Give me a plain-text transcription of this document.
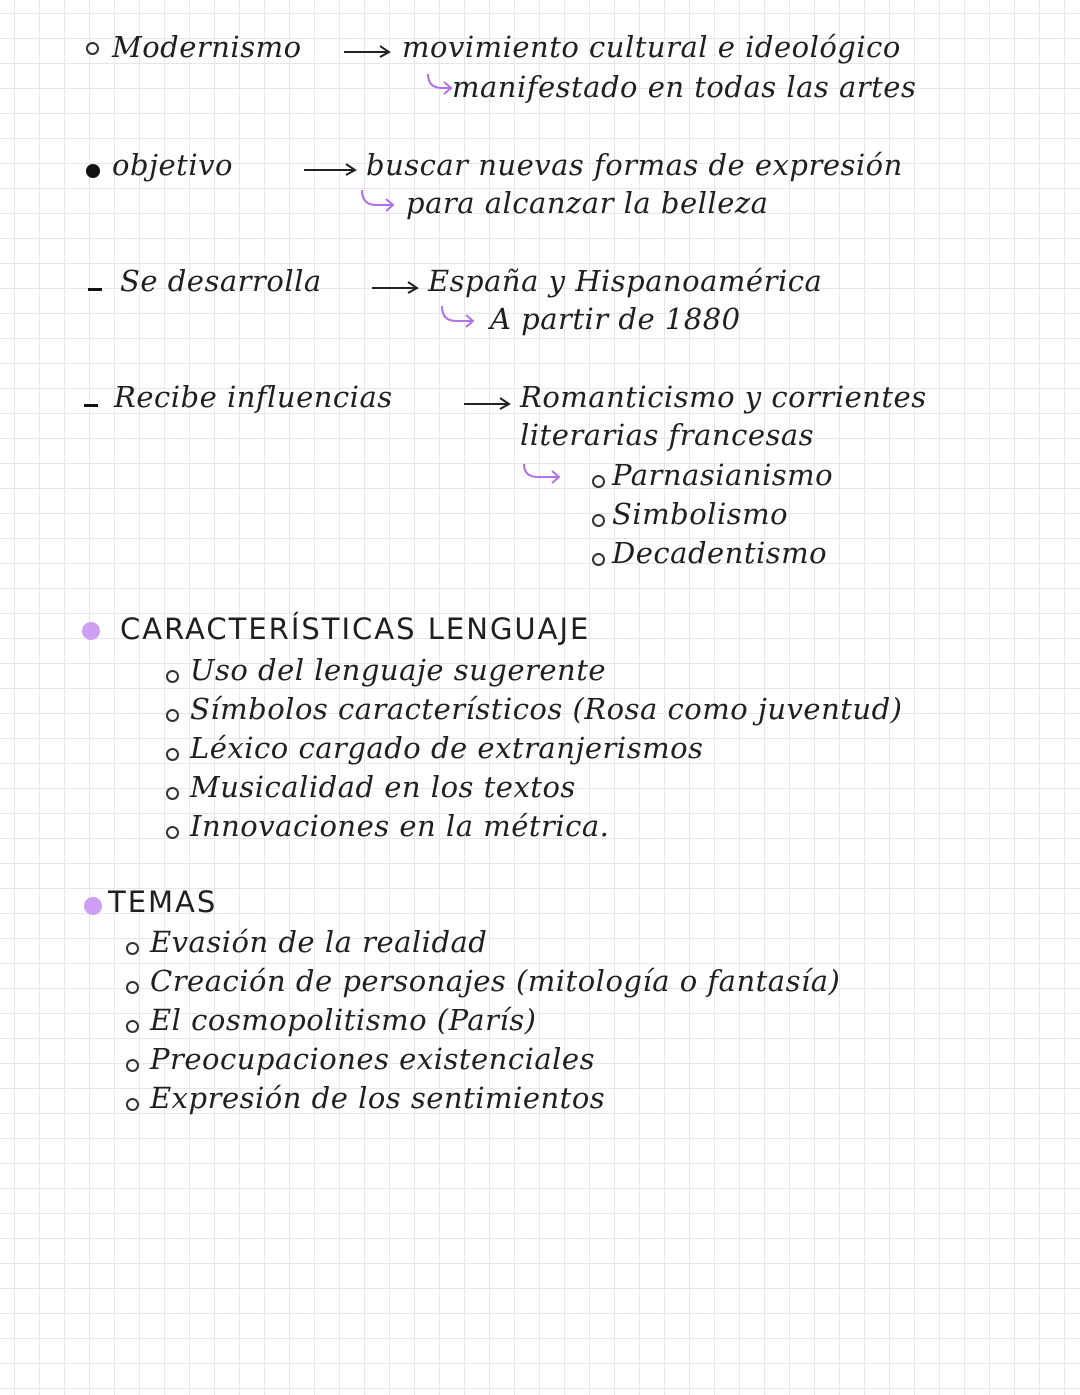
Modernismo	movimiento cultural e ideológico
manifestado en todas las artes
objetivo	buscar nuevas formas de expresión
para alcanzar la belleza
Se desarrolla	España y Hispanoamérica
A partir de 1880
Recibe influencias	Romanticismo y corrientes
literarias francesas
Parnasianismo
Simbolismo
Decadentismo
CARACTERÍSTICAS LENGUAJE
Uso del lenguaje sugerente
Símbolos característicos (Rosa como juventud)
Léxico cargado de extranjerismos
Musicalidad en los textos
Innovaciones en la métrica.
TEMAS
Evasión de la realidad
Creación de personajes (mitología o fantasía)
El cosmopolitismo (París)
Preocupaciones existenciales
Expresión de los sentimientos
